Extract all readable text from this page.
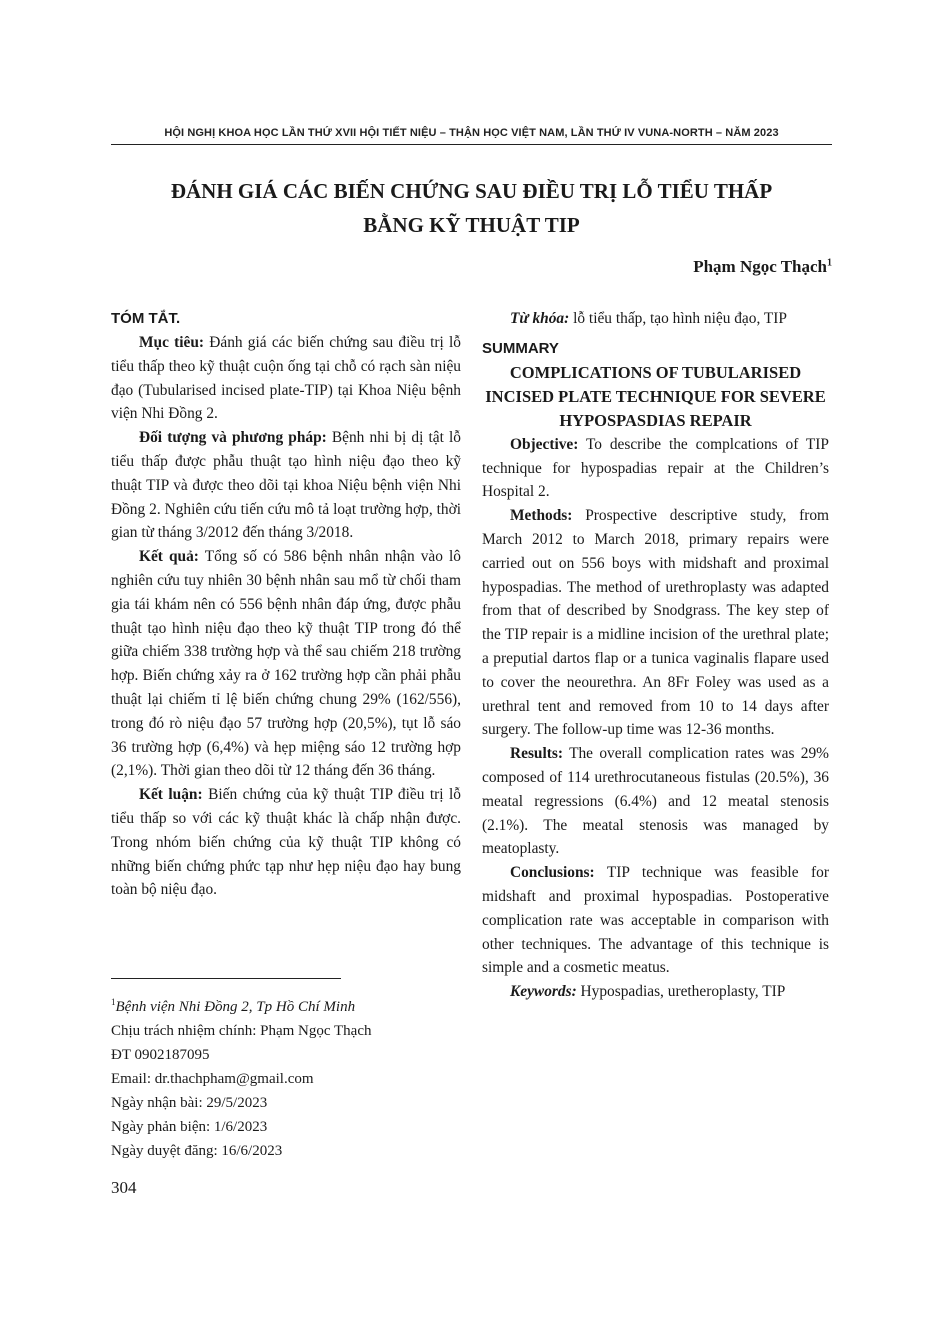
HỘI NGHỊ KHOA HỌC LẦN THỨ XVII HỘI TIẾT NIỆU – THẬN HỌC VIỆT NAM, LẦN THỨ IV VUNA-NORTH – NĂM 2023
ĐÁNH GIÁ CÁC BIẾN CHỨNG SAU ĐIỀU TRỊ LỖ TIỂU THẤP
BẰNG KỸ THUẬT TIP
Phạm Ngọc Thạch$^1$
TÓM TẮT.

Mục tiêu: Đánh giá các biến chứng sau điều trị lỗ tiểu thấp theo kỹ thuật cuộn ống tại chỗ có rạch sàn niệu đạo (Tubularised incised plate-TIP) tại Khoa Niệu bệnh viện Nhi Đồng 2.

Đối tượng và phương pháp: Bệnh nhi bị dị tật lỗ tiểu thấp được phẫu thuật tạo hình niệu đạo theo kỹ thuật TIP và được theo dõi tại khoa Niệu bệnh viện Nhi Đồng 2. Nghiên cứu tiến cứu mô tả loạt trường hợp, thời gian từ tháng 3/2012 đến tháng 3/2018.

Kết quả: Tổng số có 586 bệnh nhân nhận vào lô nghiên cứu tuy nhiên 30 bệnh nhân sau mổ từ chối tham gia tái khám nên có 556 bệnh nhân đáp ứng, được phẫu thuật tạo hình niệu đạo theo kỹ thuật TIP trong đó thể giữa chiếm 338 trường hợp và thể sau chiếm 218 trường hợp. Biến chứng xảy ra ở 162 trường hợp cần phải phẫu thuật lại chiếm tỉ lệ biến chứng chung 29% (162/556), trong đó rò niệu đạo 57 trường hợp (20,5%), tụt lỗ sáo 36 trường hợp (6,4%) và hẹp miệng sáo 12 trường hợp (2,1%). Thời gian theo dõi từ 12 tháng đến 36 tháng.

Kết luận: Biến chứng của kỹ thuật TIP điều trị lỗ tiểu thấp so với các kỹ thuật khác là chấp nhận được. Trong nhóm biến chứng của kỹ thuật TIP không có những biến chứng phức tạp như hẹp niệu đạo hay bung toàn bộ niệu đạo.

Từ khóa: lỗ tiểu thấp, tạo hình niệu đạo, TIP

SUMMARY
COMPLICATIONS OF TUBULARISED INCISED PLATE TECHNIQUE FOR SEVERE HYPOSPASDIAS REPAIR

Objective: To describe the complcations of TIP technique for hypospadias repair at the Children’s Hospital 2.

Methods: Prospective descriptive study, from March 2012 to March 2018, primary repairs were carried out on 556 boys with midshaft and proximal hypospadias. The method of urethroplasty was adapted from that of described by Snodgrass. The key step of the TIP repair is a midline incision of the urethral plate; a preputial dartos flap or a tunica vaginalis flapare used to cover the neourethra. An 8Fr Foley was used as a urethral tent and removed from 10 to 14 days after surgery. The follow-up time was 12-36 months.

Results: The overall complication rates was 29% composed of 114 urethrocutaneous fistulas (20.5%), 36 meatal regressions (6.4%) and 12 meatal stenosis (2.1%). The meatal stenosis was managed by meatoplasty.

Conclusions: TIP technique was feasible for midshaft and proximal hypospadias. Postoperative complication rate was acceptable in comparison with other techniques. The advantage of this technique is simple and a cosmetic meatus.

Keywords: Hypospadias, uretheroplasty, TIP

$^1$Bệnh viện Nhi Đồng 2, Tp Hồ Chí Minh
Chịu trách nhiệm chính: Phạm Ngọc Thạch
ĐT 0902187095
Email: dr.thachpham@gmail.com
Ngày nhận bài: 29/5/2023
Ngày phản biện: 1/6/2023
Ngày duyệt đăng: 16/6/2023
304
